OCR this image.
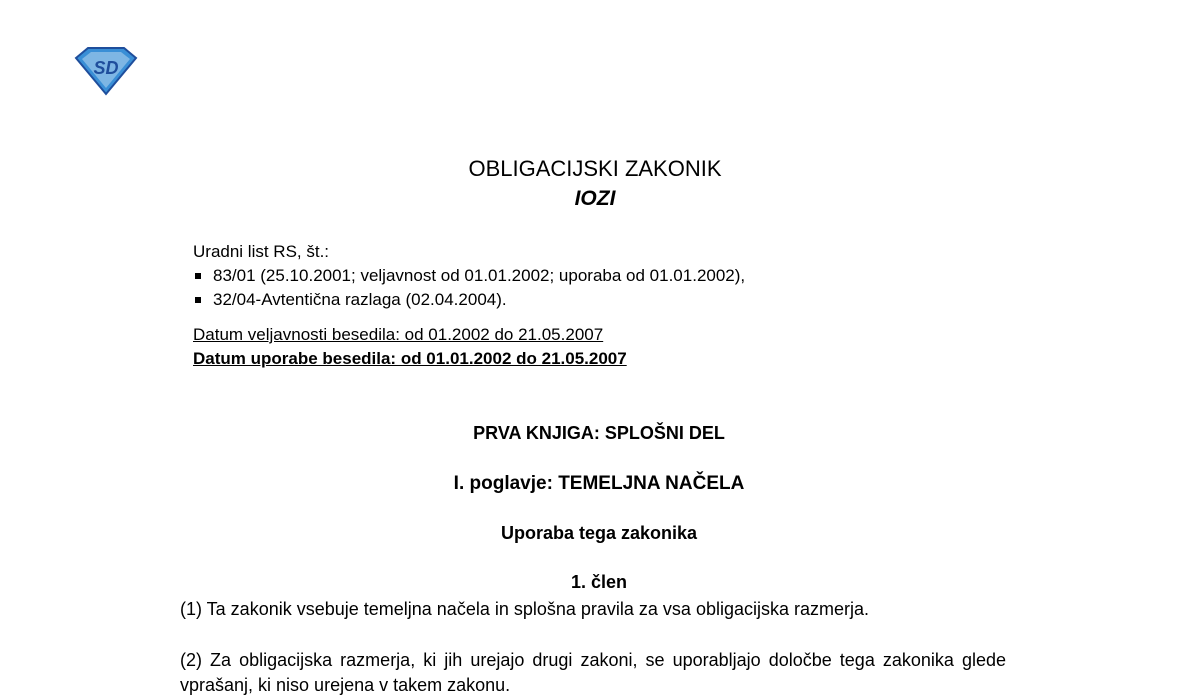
SD
OBLIGACIJSKI ZAKONIK
IOZI
Uradni list RS, št.:
83/01 (25.10.2001; veljavnost od 01.01.2002; uporaba od 01.01.2002),
32/04-Avtentična razlaga (02.04.2004).
Datum veljavnosti besedila: od 01.2002 do 21.05.2007
Datum uporabe besedila: od 01.01.2002 do 21.05.2007
PRVA KNJIGA: SPLOŠNI DEL
I. poglavje: TEMELJNA NAČELA
Uporaba tega zakonika
1. člen
(1) Ta zakonik vsebuje temeljna načela in splošna pravila za vsa obligacijska razmerja.
(2) Za obligacijska razmerja, ki jih urejajo drugi zakoni, se uporabljajo določbe tega zakonika glede vprašanj, ki niso urejena v takem zakonu.
